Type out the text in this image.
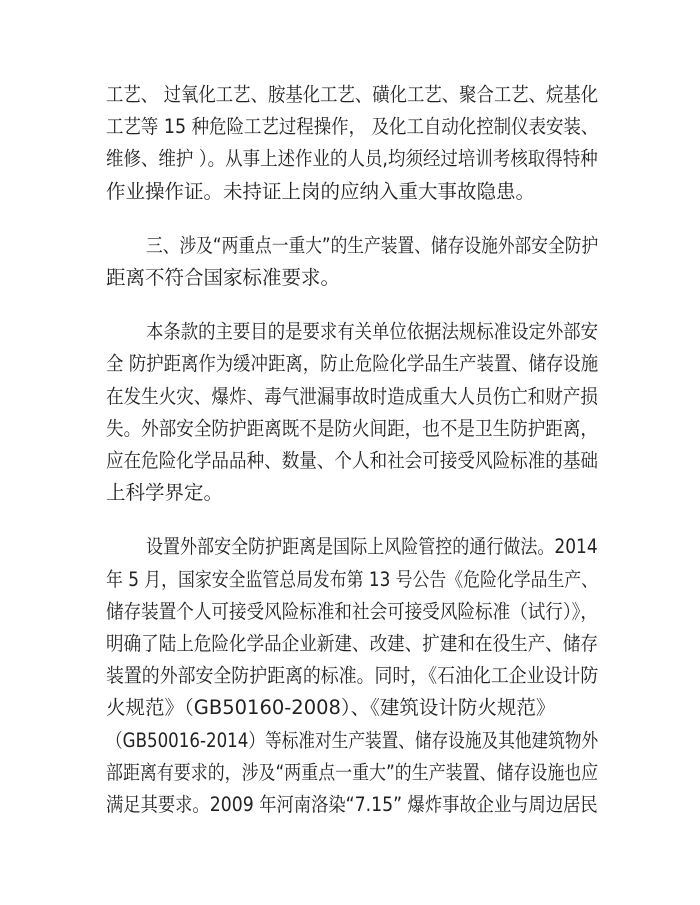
工艺、 过氧化工艺、胺基化工艺、磺化工艺、聚合工艺、烷基化
工艺等 15 种危险工艺过程操作， 及化工自动化控制仪表安装、
维修、维护 ）。从事上述作业的人员,均须经过培训考核取得特种
作业操作证。未持证上岗的应纳入重大事故隐患。
三、涉及“两重点一重大”的生产装置、储存设施外部安全防护
距离不符合国家标准要求。
本条款的主要目的是要求有关单位依据法规标准设定外部安
全 防护距离作为缓冲距离，防止危险化学品生产装置、储存设施
在发生火灾、爆炸、毒气泄漏事故时造成重大人员伤亡和财产损
失。外部安全防护距离既不是防火间距，也不是卫生防护距离，
应在危险化学品品种、数量、个人和社会可接受风险标准的基础
上科学界定。
设置外部安全防护距离是国际上风险管控的通行做法。2014
年 5 月，国家安全监管总局发布第 13 号公告《危险化学品生产、
储存装置个人可接受风险标准和社会可接受风险标准（试行）》，
明确了陆上危险化学品企业新建、改建、扩建和在役生产、储存
装置的外部安全防护距离的标准。同时，《石油化工企业设计防
火规范》（GB50160-2008）、《建筑设计防火规范》
（GB50016-2014）等标准对生产装置、储存设施及其他建筑物外
部距离有要求的，涉及“两重点一重大”的生产装置、储存设施也应
满足其要求。2009 年河南洛染“7.15” 爆炸事故企业与周边居民
